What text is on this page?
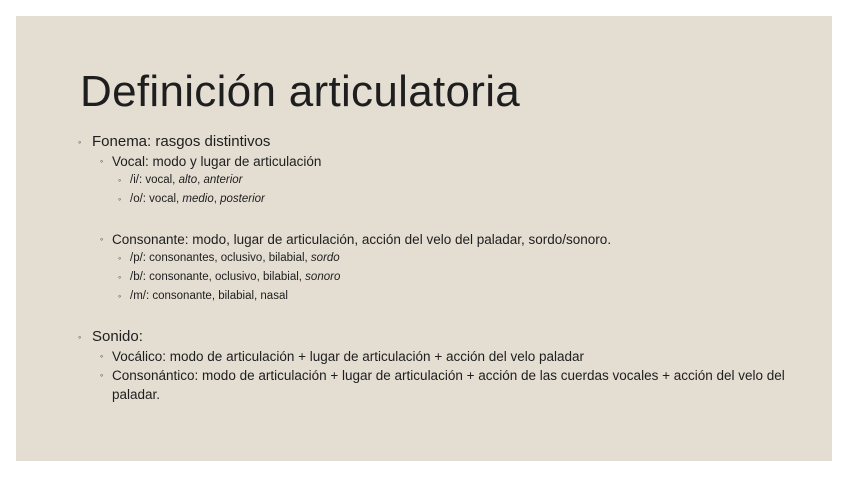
Definición articulatoria
◦ Fonema: rasgos distintivos
◦ Vocal: modo y lugar de articulación
◦ /i/: vocal, alto, anterior
◦ /o/: vocal, medio, posterior
◦ Consonante: modo, lugar de articulación, acción del velo del paladar, sordo/sonoro.
◦ /p/: consonantes, oclusivo, bilabial, sordo
◦ /b/: consonante, oclusivo, bilabial, sonoro
◦ /m/: consonante, bilabial, nasal
◦ Sonido:
◦ Vocálico: modo de articulación + lugar de articulación + acción del velo paladar
◦ Consonántico: modo de articulación + lugar de articulación + acción de las cuerdas vocales + acción del velo del paladar.
